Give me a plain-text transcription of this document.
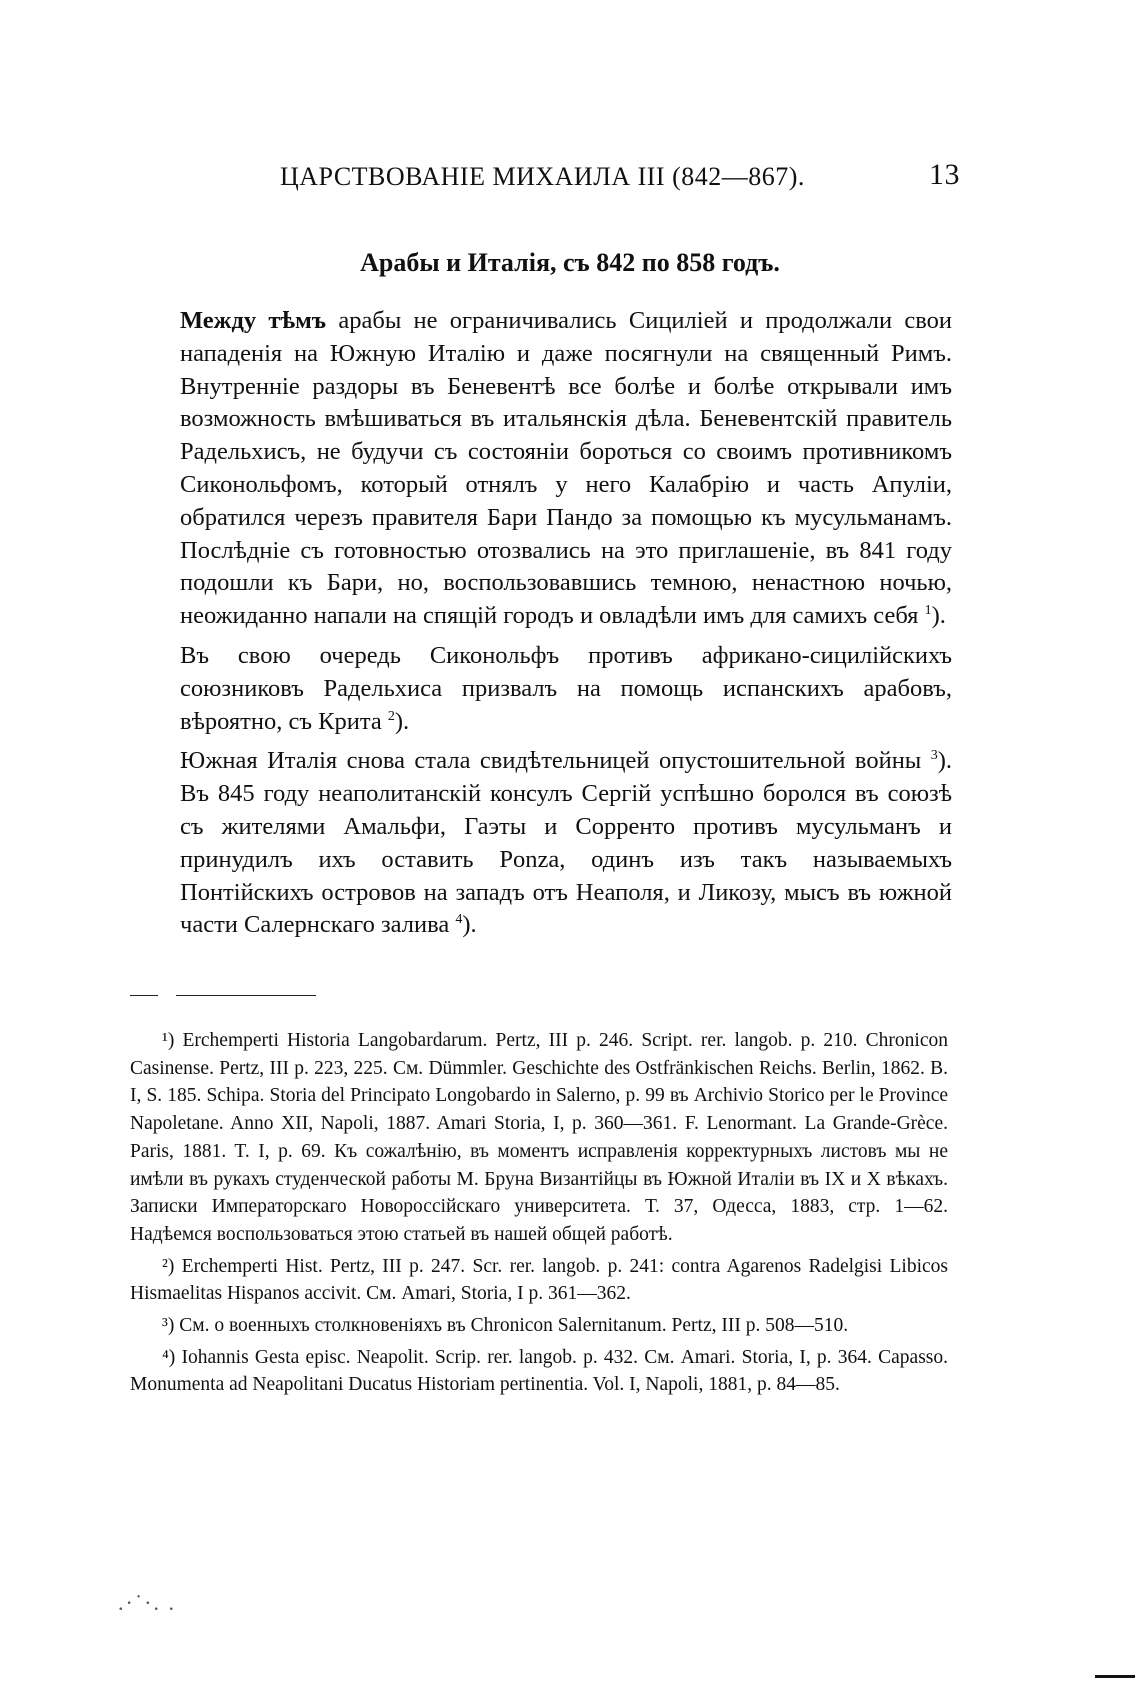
ЦАРСТВОВАНІЕ МИХАИЛА III (842—867).	13
Арабы и Италія, съ 842 по 858 годъ.

Между тѣмъ арабы не ограничивались Сициліей и продолжали свои нападенія на Южную Италію и даже посягнули на священный Римъ. Внутренніе раздоры въ Беневентѣ все болѣе и болѣе открывали имъ возможность вмѣшиваться въ итальянскія дѣла. Беневентскій правитель Радельхисъ, не будучи съ состояніи бороться со своимъ противникомъ Сиконольфомъ, который отнялъ у него Калабрію и часть Апуліи, обратился черезъ правителя Бари Пандо за помощью къ мусульманамъ. Послѣдніе съ готовностью отозвались на это приглашеніе, въ 841 году подошли къ Бари, но, воспользовавшись темною, ненастною ночью, неожиданно напали на спящій городъ и овладѣли имъ для самихъ себя $^1$).

Въ свою очередь Сиконольфъ противъ африкано-сицилійскихъ союзниковъ Радельхиса призвалъ на помощь испанскихъ арабовъ, вѣроятно, съ Крита $^2$).

Южная Италія снова стала свидѣтельницей опустошительной войны $^3$). Въ 845 году неаполитанскій консулъ Сергій успѣшно боролся въ союзѣ съ жителями Амальфи, Гаэты и Сорренто противъ мусульманъ и принудилъ ихъ оставить Ponza, одинъ изъ такъ называемыхъ Понтійскихъ островов на западъ отъ Неаполя, и Ликозу, мысъ въ южной части Салернскаго залива $^4$).

¹) Erchemperti Historia Langobardarum. Pertz, III p. 246. Script. rer. langob. p. 210. Chronicon Casinense. Pertz, III p. 223, 225. См. Dümmler. Geschichte des Ostfränkischen Reichs. Berlin, 1862. B. I, S. 185. Schipa. Storia del Principato Longobardo in Salerno, p. 99 въ Archivio Storico per le Province Napoletane. Anno XII, Napoli, 1887. Amari Storia, I, p. 360—361. F. Lenormant. La Grande-Grèce. Paris, 1881. T. I, p. 69. Къ сожалѣнію, въ моментъ исправленія корректурныхъ листовъ мы не имѣли въ рукахъ студенческой работы М. Бруна Византійцы въ Южной Италіи въ IX и X вѣкахъ. Записки Императорскаго Новороссійскаго университета. Т. 37, Одесса, 1883, стр. 1—62. Надѣемся воспользоваться этою статьей въ нашей общей работѣ.

²) Erchemperti Hist. Pertz, III p. 247. Scr. rer. langob. p. 241: contra Agarenos Radelgisi Libicos Hismaelitas Hispanos accivit. См. Amari, Storia, I p. 361—362.

³) См. о военныхъ столкновеніяхъ въ Chronicon Salernitanum. Pertz, III p. 508—510.

⁴) Iohannis Gesta episc. Neapolit. Scrip. rer. langob. p. 432. См. Amari. Storia, I, p. 364. Capasso. Monumenta ad Neapolitani Ducatus Historiam pertinentia. Vol. I, Napoli, 1881, p. 84—85.

.·˙·. .
